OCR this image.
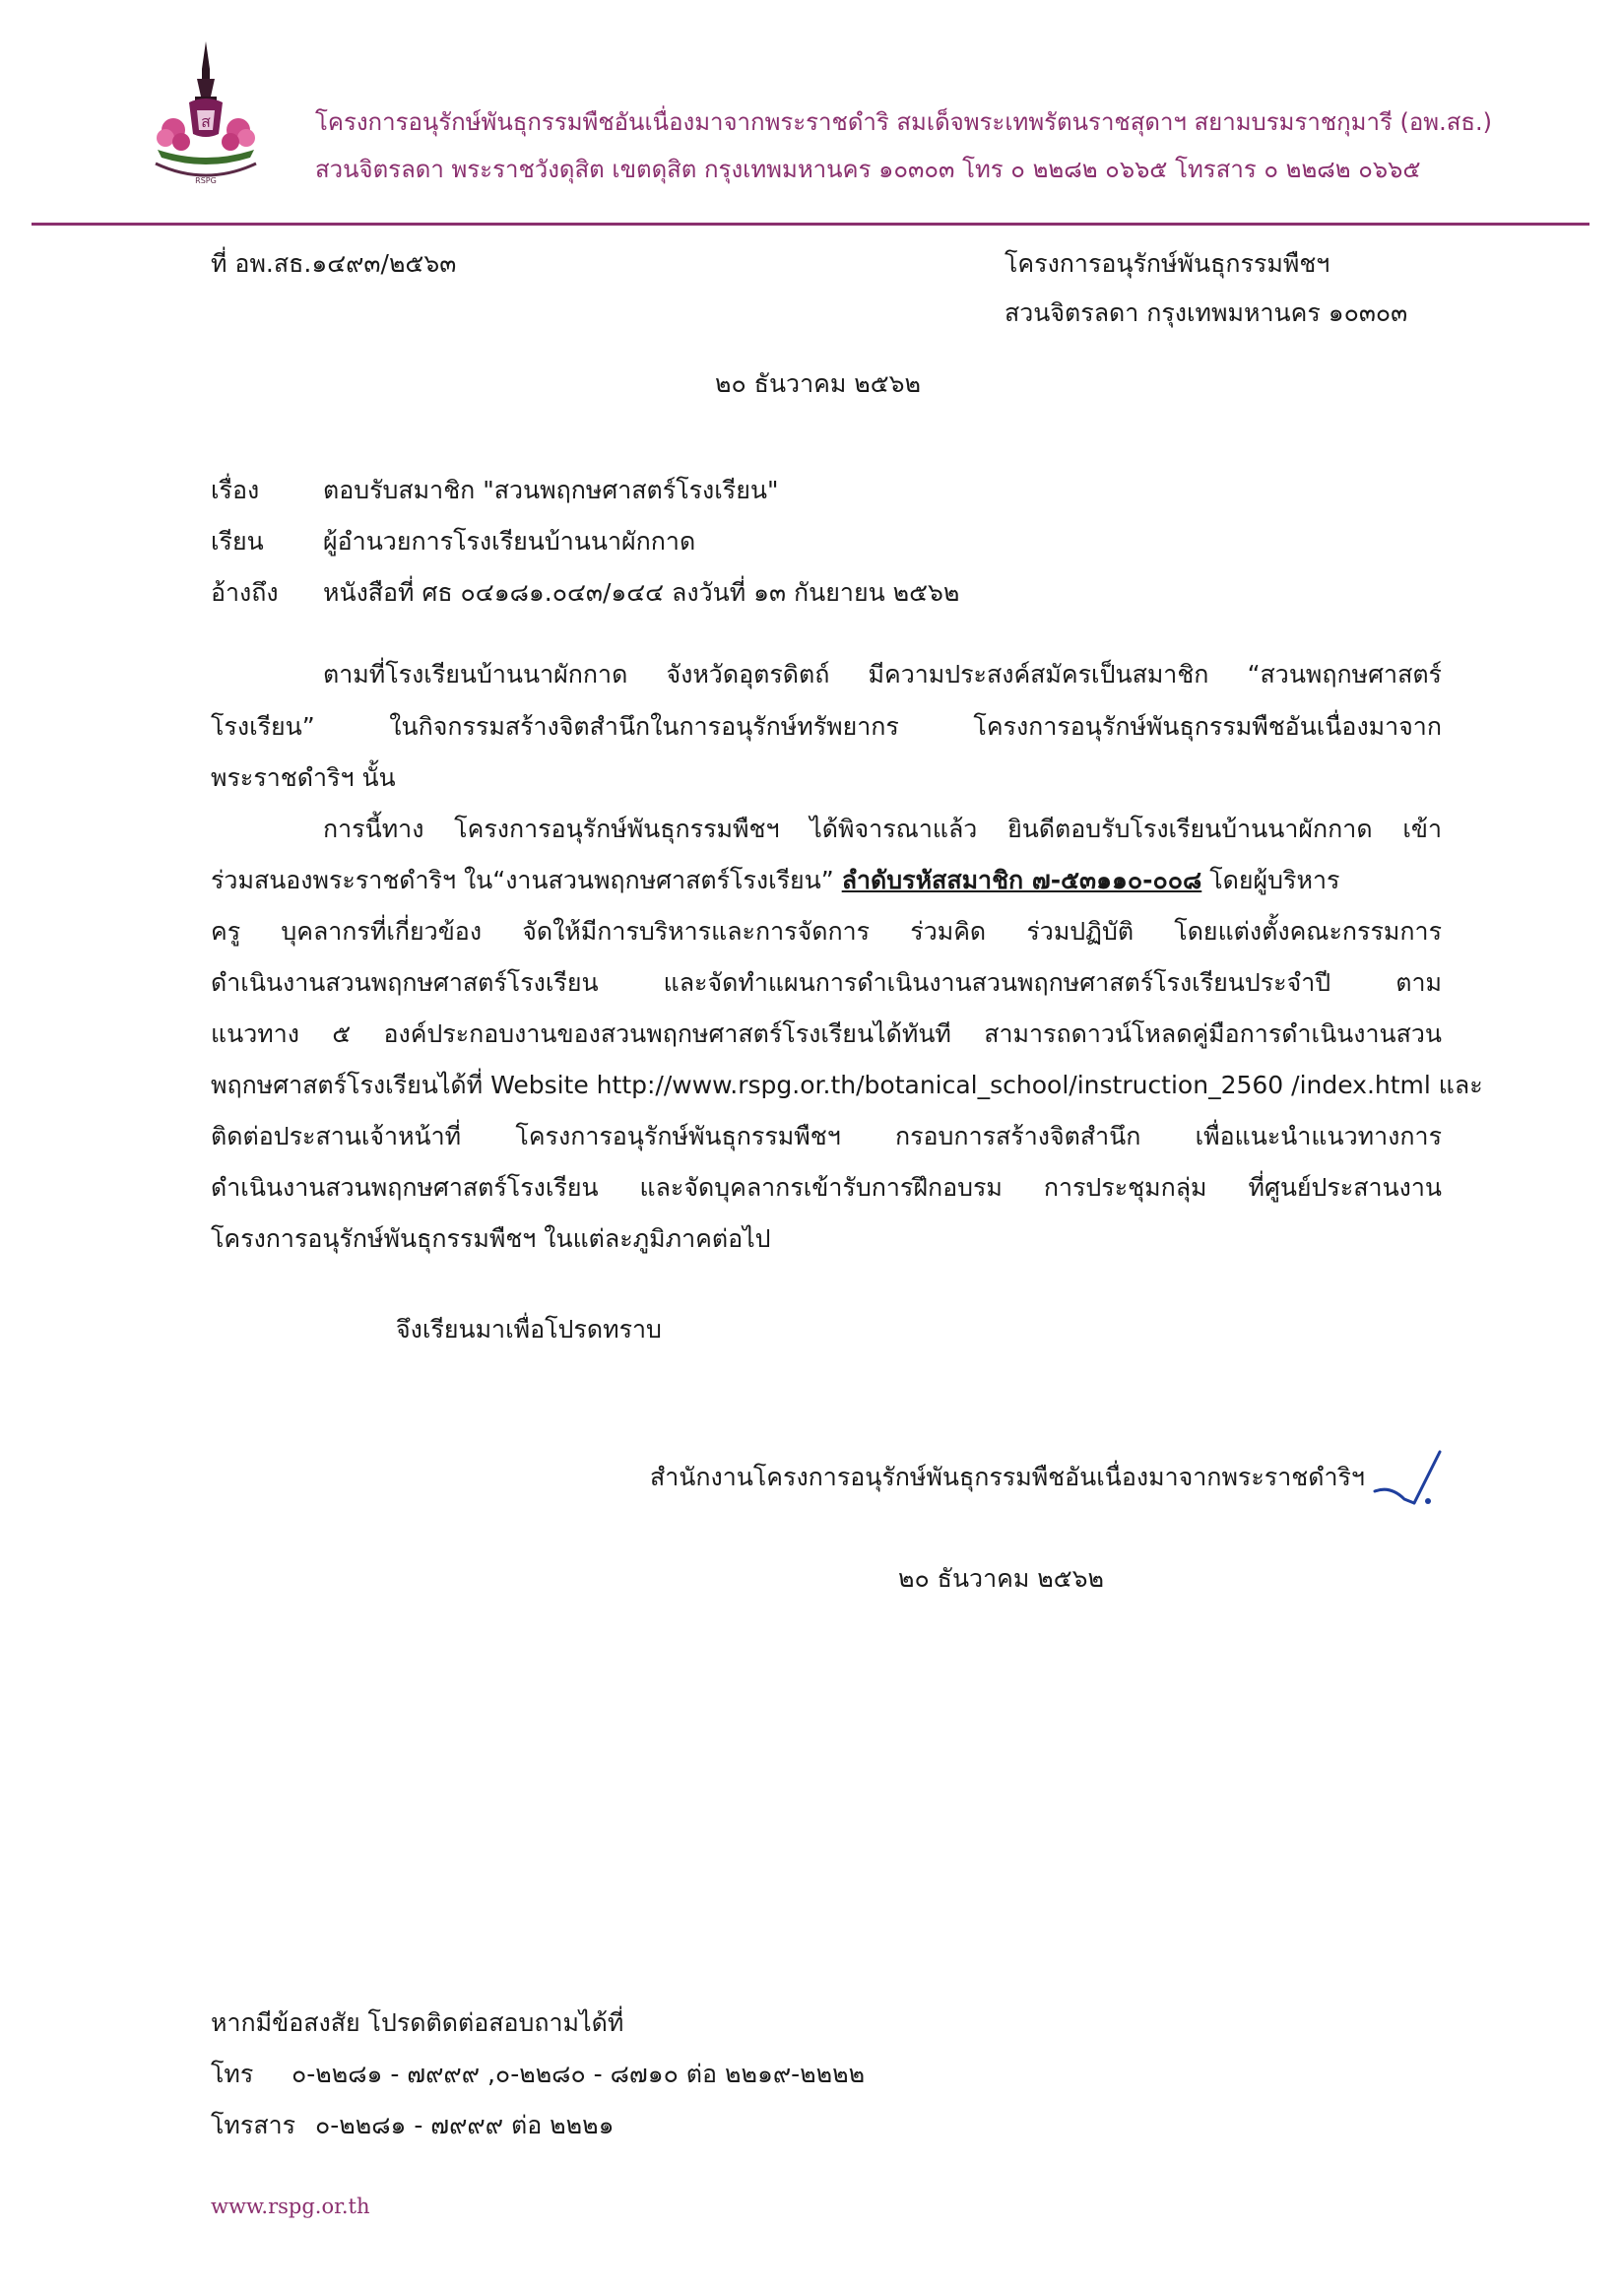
ส
RSPG
โครงการอนุรักษ์พันธุกรรมพืชอันเนื่องมาจากพระราชดำริ สมเด็จพระเทพรัตนราชสุดาฯ สยามบรมราชกุมารี (อพ.สธ.)
สวนจิตรลดา พระราชวังดุสิต เขตดุสิต กรุงเทพมหานคร ๑๐๓๐๓ โทร ๐ ๒๒๘๒ ๐๖๖๕ โทรสาร ๐ ๒๒๘๒ ๐๖๖๕
ที่ อพ.สธ.๑๔๙๓/๒๕๖๓	โครงการอนุรักษ์พันธุกรรมพืชฯ
สวนจิตรลดา กรุงเทพมหานคร ๑๐๓๐๓
๒๐ ธันวาคม ๒๕๖๒
เรื่อง	ตอบรับสมาชิก "สวนพฤกษศาสตร์โรงเรียน"
เรียน ผู้อำนวยการโรงเรียนบ้านนาผักกาด
อ้างถึง หนังสือที่ ศธ ๐๔๑๘๑.๐๔๓/๑๔๔ ลงวันที่ ๑๓ กันยายน ๒๕๖๒
ตามที่โรงเรียนบ้านนาผักกาด จังหวัดอุตรดิตถ์ มีความประสงค์สมัครเป็นสมาชิก “สวนพฤกษศาสตร์
โรงเรียน” ในกิจกรรมสร้างจิตสำนึกในการอนุรักษ์ทรัพยากร โครงการอนุรักษ์พันธุกรรมพืชอันเนื่องมาจาก
พระราชดำริฯ นั้น
การนี้ทาง โครงการอนุรักษ์พันธุกรรมพืชฯ ได้พิจารณาแล้ว ยินดีตอบรับโรงเรียนบ้านนาผักกาด เข้า
ร่วมสนองพระราชดำริฯ ใน“งานสวนพฤกษศาสตร์โรงเรียน” ลำดับรหัสสมาชิก ๗-๕๓๑๑๐-๐๐๘ โดยผู้บริหาร
ครู บุคลากรที่เกี่ยวข้อง จัดให้มีการบริหารและการจัดการ ร่วมคิด ร่วมปฏิบัติ โดยแต่งตั้งคณะกรรมการ
ดำเนินงานสวนพฤกษศาสตร์โรงเรียน และจัดทำแผนการดำเนินงานสวนพฤกษศาสตร์โรงเรียนประจำปี ตาม
แนวทาง ๕ องค์ประกอบงานของสวนพฤกษศาสตร์โรงเรียนได้ทันที สามารถดาวน์โหลดคู่มือการดำเนินงานสวน
พฤกษศาสตร์โรงเรียนได้ที่ Website http://www.rspg.or.th/botanical_school/instruction_2560 /index.html และ
ติดต่อประสานเจ้าหน้าที่ โครงการอนุรักษ์พันธุกรรมพืชฯ กรอบการสร้างจิตสำนึก เพื่อแนะนำแนวทางการ
ดำเนินงานสวนพฤกษศาสตร์โรงเรียน และจัดบุคลากรเข้ารับการฝึกอบรม การประชุมกลุ่ม ที่ศูนย์ประสานงาน
โครงการอนุรักษ์พันธุกรรมพืชฯ ในแต่ละภูมิภาคต่อไป
จึงเรียนมาเพื่อโปรดทราบ
สำนักงานโครงการอนุรักษ์พันธุกรรมพืชอันเนื่องมาจากพระราชดำริฯ
๒๐ ธันวาคม ๒๕๖๒
หากมีข้อสงสัย โปรดติดต่อสอบถามได้ที่
โทร ๐-๒๒๘๑ - ๗๙๙๙ ,๐-๒๒๘๐ - ๘๗๑๐ ต่อ ๒๒๑๙-๒๒๒๒
โทรสาร ๐-๒๒๘๑ - ๗๙๙๙ ต่อ ๒๒๒๑
www.rspg.or.th
